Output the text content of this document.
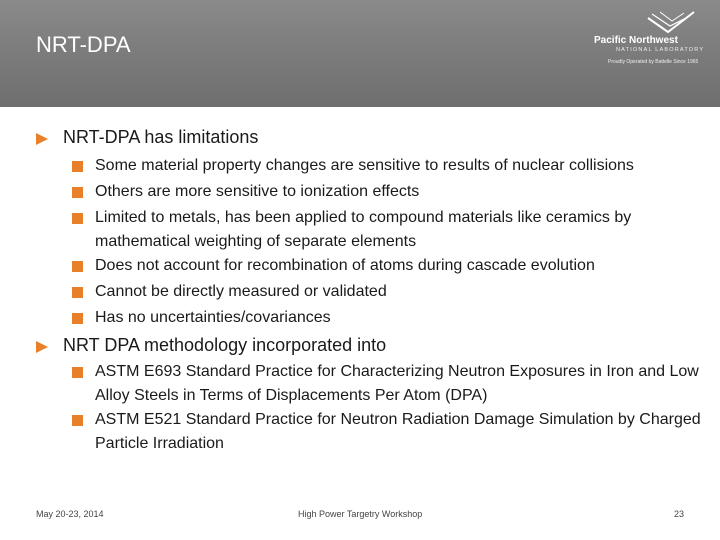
NRT-DPA	Pacific Northwest
NATIONAL LABORATORY
Proudly Operated by Battelle Since 1965
NRT-DPA has limitations
Some material property changes are sensitive to results of nuclear collisions
Others are more sensitive to ionization effects
Limited to metals, has been applied to compound materials like ceramics by mathematical weighting of separate elements
Does not account for recombination of atoms during cascade evolution
Cannot be directly measured or validated
Has no uncertainties/covariances
NRT DPA methodology incorporated into
ASTM E693 Standard Practice for Characterizing Neutron Exposures in Iron and Low Alloy Steels in Terms of Displacements Per Atom (DPA)
ASTM E521 Standard Practice for Neutron Radiation Damage Simulation by Charged Particle Irradiation
May 20-23, 2014	High Power Targetry Workshop	23
